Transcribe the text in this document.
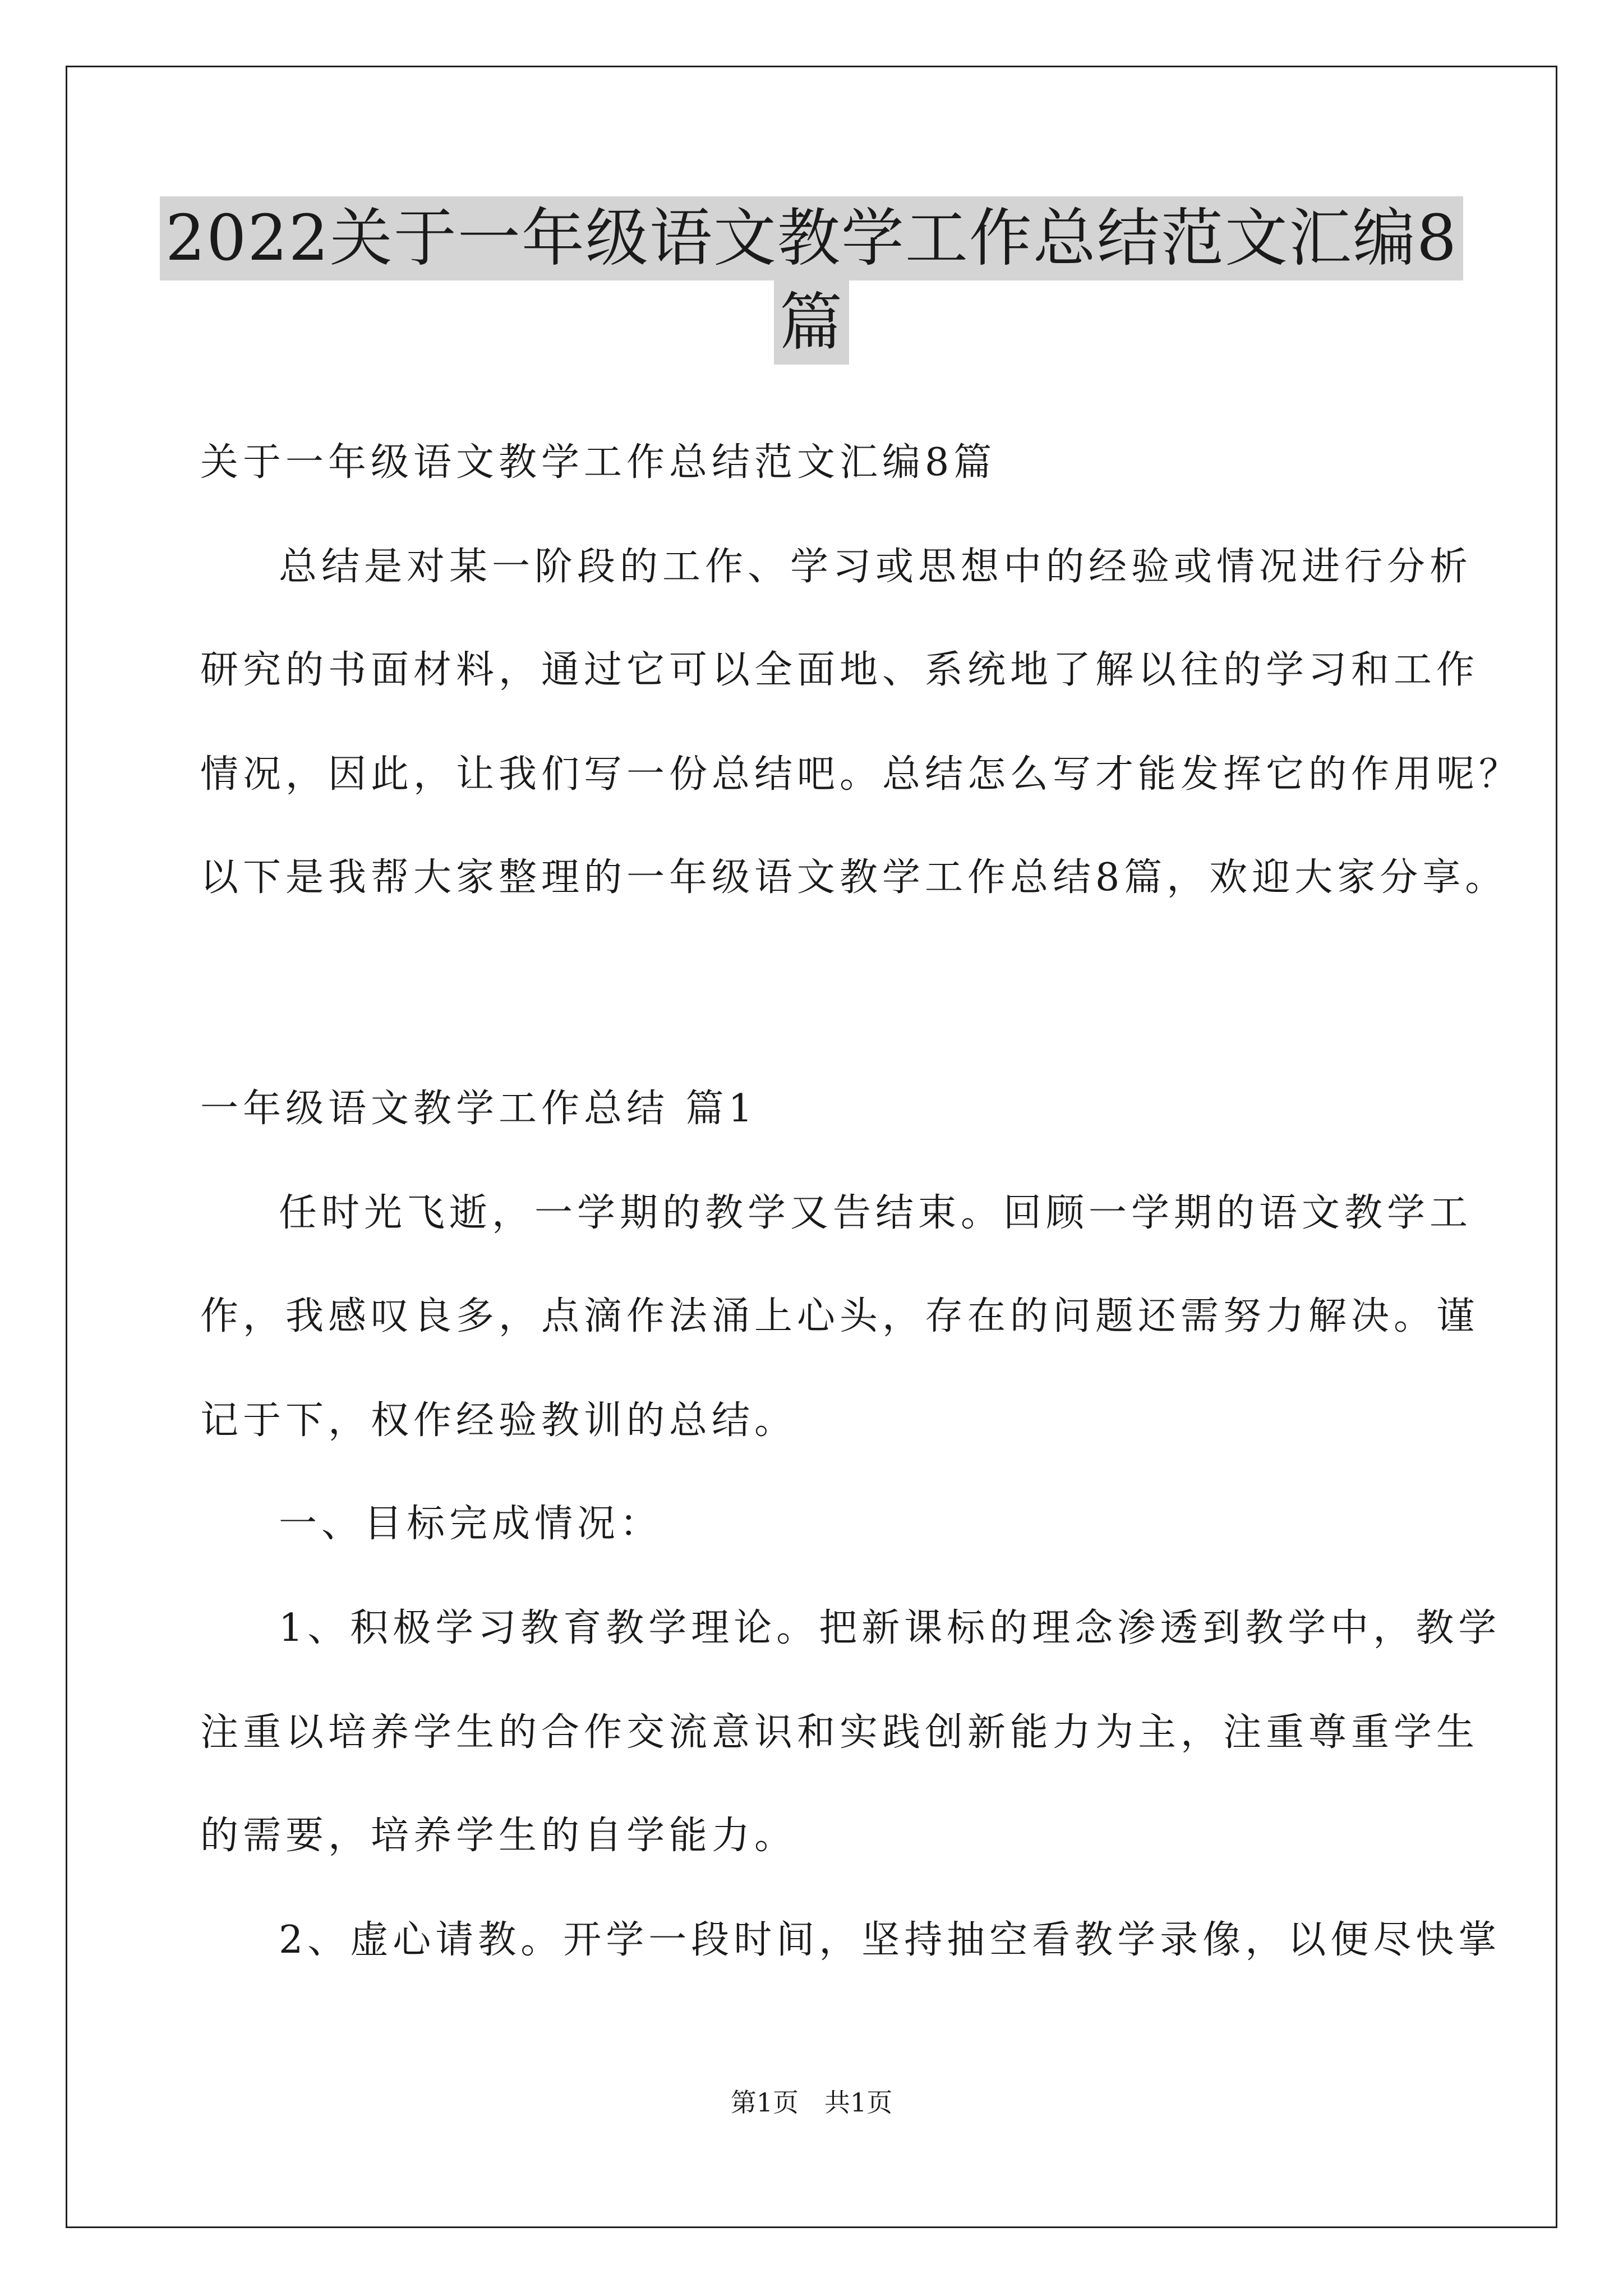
2022关于一年级语文教学工作总结范文汇编8
篇
关于一年级语文教学工作总结范文汇编8篇
总结是对某一阶段的工作、学习或思想中的经验或情况进行分析
研究的书面材料，通过它可以全面地、系统地了解以往的学习和工作
情况，因此，让我们写一份总结吧。总结怎么写才能发挥它的作用呢？
以下是我帮大家整理的一年级语文教学工作总结8篇，欢迎大家分享。
一年级语文教学工作总结 篇1
任时光飞逝，一学期的教学又告结束。回顾一学期的语文教学工
作，我感叹良多，点滴作法涌上心头，存在的问题还需努力解决。谨
记于下，权作经验教训的总结。
一、目标完成情况：
1、积极学习教育教学理论。把新课标的理念渗透到教学中，教学
注重以培养学生的合作交流意识和实践创新能力为主，注重尊重学生
的需要，培养学生的自学能力。
2、虚心请教。开学一段时间，坚持抽空看教学录像，以便尽快掌
第1页　共1页
